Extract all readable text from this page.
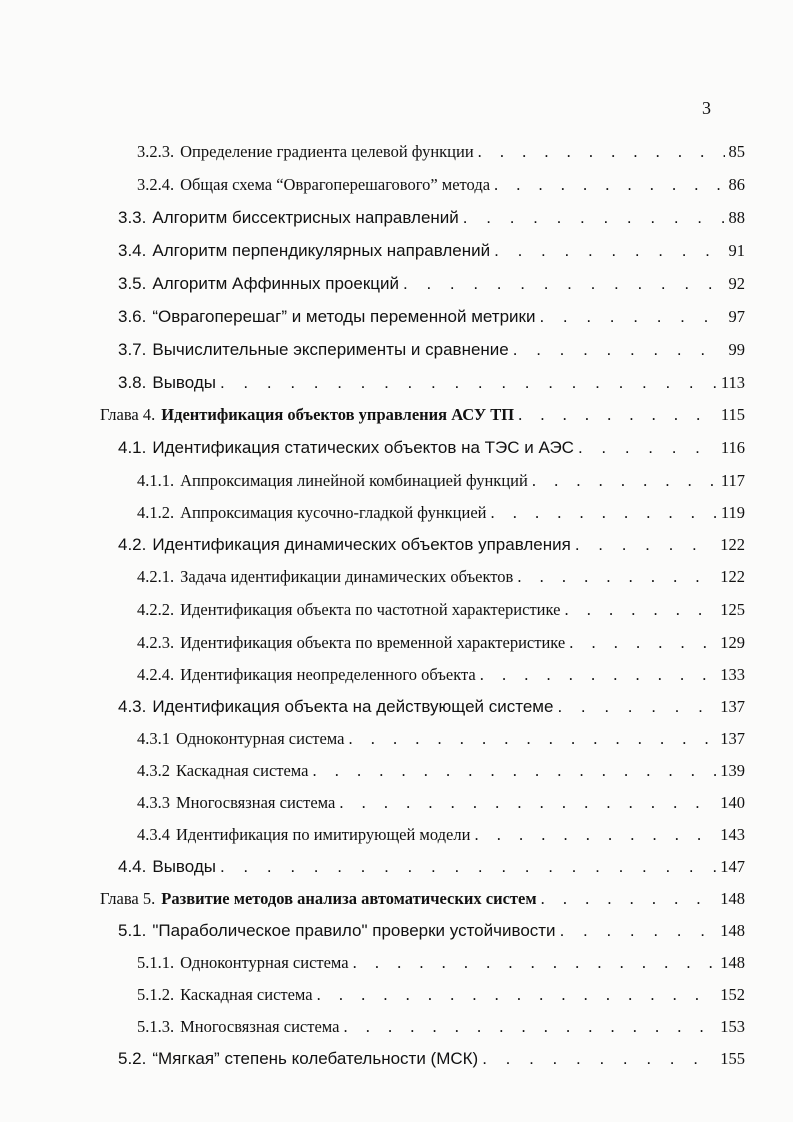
3
3.2.3. Определение градиента целевой функции . . .	85
3.2.4. Общая схема “Оврагоперешагового” метода . . .	86
3.3. Алгоритм биссектрисных направлений . . .	88
3.4. Алгоритм перпендикулярных направлений . . .	91
3.5. Алгоритм Аффинных проекций . . .	92
3.6. “Оврагоперешаг” и методы переменной метрики . . .	97
3.7. Вычислительные эксперименты и сравнение . . .	99
3.8. Выводы . . .	113
Глава 4. Идентификация объектов управления АСУ ТП . . .	115
4.1. Идентификация статических объектов на ТЭС и АЭС . . .	116
4.1.1. Аппроксимация линейной комбинацией функций . . .	117
4.1.2. Аппроксимация кусочно-гладкой функцией . . .	119
4.2. Идентификация динамических объектов управления . . .	122
4.2.1. Задача идентификации динамических объектов . . .	122
4.2.2. Идентификация объекта по частотной характеристике . . .	125
4.2.3. Идентификация объекта по временной характеристике . . .	129
4.2.4. Идентификация неопределенного объекта . . .	133
4.3. Идентификация объекта на действующей системе . . .	137
4.3.1 Одноконтурная система . . .	137
4.3.2 Каскадная система . . .	139
4.3.3 Многосвязная система . . .	140
4.3.4 Идентификация по имитирующей модели . . .	143
4.4. Выводы . . .	147
Глава 5. Развитие методов анализа автоматических систем . . .	148
5.1. "Параболическое правило" проверки устойчивости . . .	148
5.1.1. Одноконтурная система . . .	148
5.1.2. Каскадная система . . .	152
5.1.3. Многосвязная система . . .	153
5.2. “Мягкая” степень колебательности (МСК) . . .	155
